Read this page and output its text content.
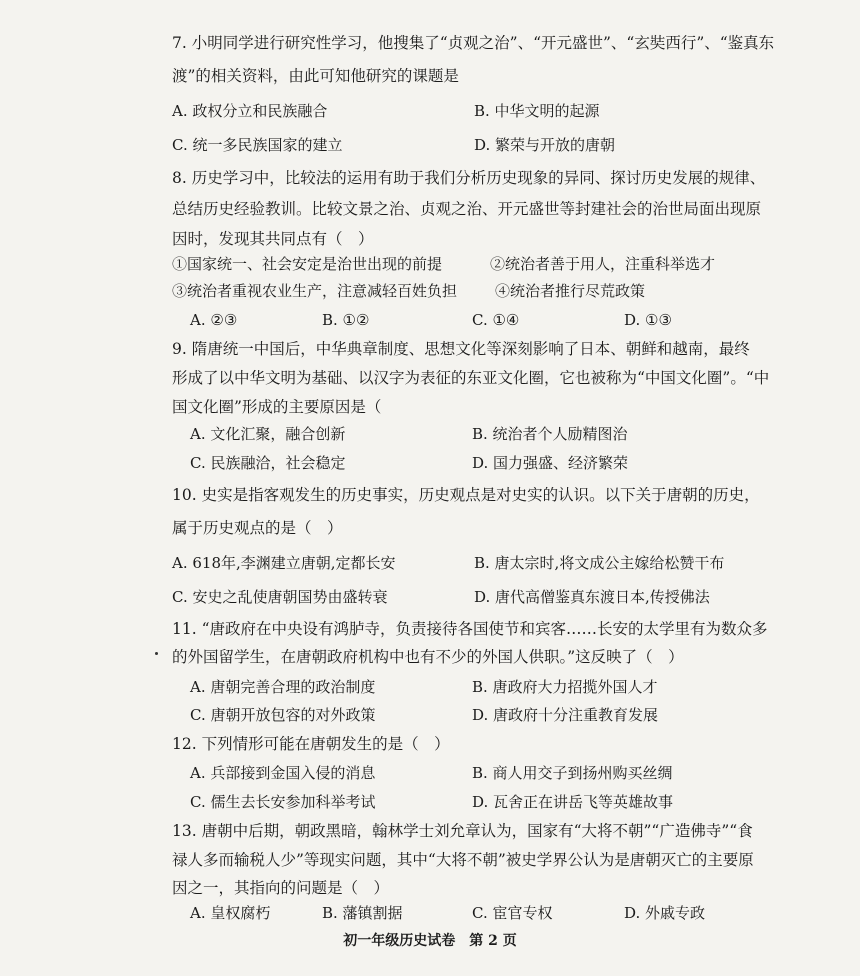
7. 小明同学进行研究性学习，他搜集了“贞观之治”、“开元盛世”、“玄奘西行”、“鉴真东
渡”的相关资料，由此可知他研究的课题是
A. 政权分立和民族融合	B. 中华文明的起源
C. 统一多民族国家的建立	D. 繁荣与开放的唐朝
8. 历史学习中，比较法的运用有助于我们分析历史现象的异同、探讨历史发展的规律、
总结历史经验教训。比较文景之治、贞观之治、开元盛世等封建社会的治世局面出现原
因时，发现其共同点有（　）
①国家统一、社会安定是治世出现的前提	②统治者善于用人，注重科举选才
③统治者重视农业生产，注意减轻百姓负担	④统治者推行尽荒政策
A. ②③	B. ①②	C. ①④	D. ①③
9. 隋唐统一中国后，中华典章制度、思想文化等深刻影响了日本、朝鲜和越南，最终
形成了以中华文明为基础、以汉字为表征的东亚文化圈，它也被称为“中国文化圈”。“中
国文化圈”形成的主要原因是（
A. 文化汇聚，融合创新	B. 统治者个人励精图治
C. 民族融洽，社会稳定	D. 国力强盛、经济繁荣
10. 史实是指客观发生的历史事实，历史观点是对史实的认识。以下关于唐朝的历史，
属于历史观点的是（　）
A. 618年,李渊建立唐朝,定都长安	B. 唐太宗时,将文成公主嫁给松赞干布
C. 安史之乱使唐朝国势由盛转衰	D. 唐代高僧鉴真东渡日本,传授佛法
11. “唐政府在中央设有鸿胪寺，负责接待各国使节和宾客……长安的太学里有为数众多
的外国留学生，在唐朝政府机构中也有不少的外国人供职。”这反映了（　）
A. 唐朝完善合理的政治制度	B. 唐政府大力招揽外国人才
C. 唐朝开放包容的对外政策	D. 唐政府十分注重教育发展
12. 下列情形可能在唐朝发生的是（　）
A. 兵部接到金国入侵的消息	B. 商人用交子到扬州购买丝绸
C. 儒生去长安参加科举考试	D. 瓦舍正在讲岳飞等英雄故事
13. 唐朝中后期，朝政黑暗，翰林学士刘允章认为，国家有“大将不朝”“广造佛寺”“食
禄人多而输税人少”等现实问题，其中“大将不朝”被史学界公认为是唐朝灭亡的主要原
因之一，其指向的问题是（　）
A. 皇权腐朽	B. 藩镇割据	C. 宦官专权	D. 外戚专政
初一年级历史试卷　第 2 页
